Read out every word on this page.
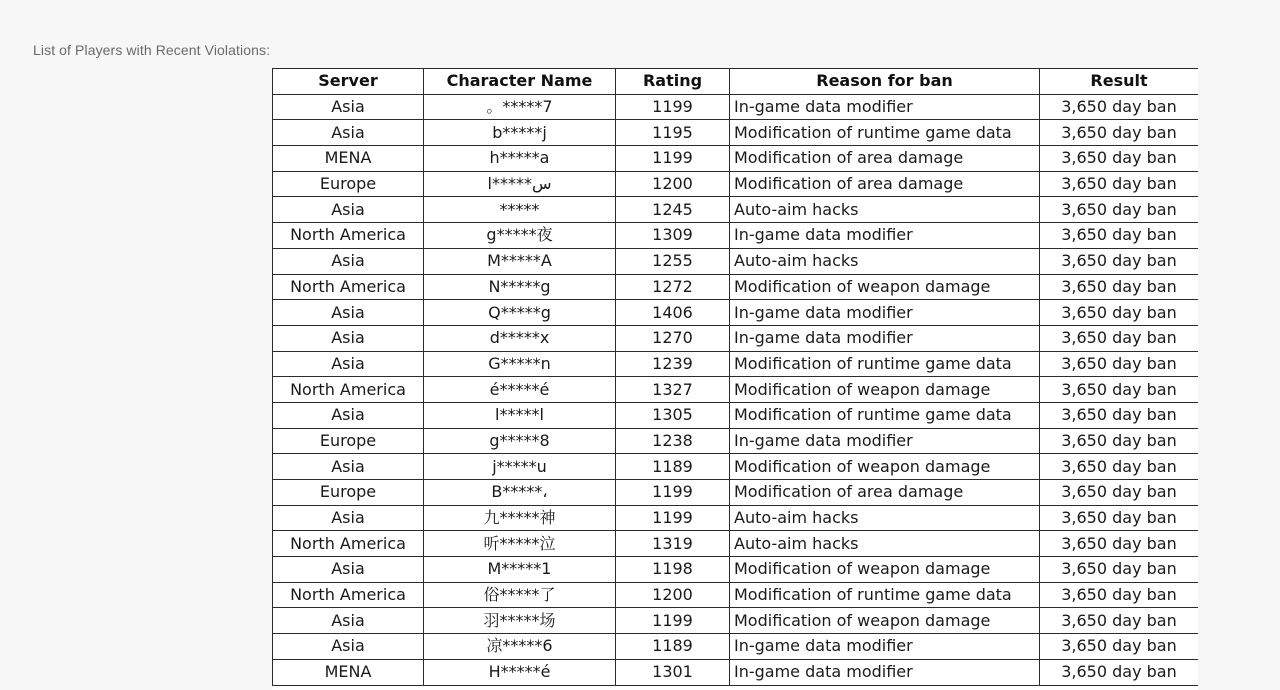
List of Players with Recent Violations:
Server	Character Name	Rating	Reason for ban	Result
Asia	。*****7	1199	In-game data modifier	3,650 day ban
Asia	b*****j	1195	Modification of runtime game data	3,650 day ban
MENA	h*****a	1199	Modification of area damage	3,650 day ban
Europe	l*****س	1200	Modification of area damage	3,650 day ban
Asia	*****	1245	Auto-aim hacks	3,650 day ban
North America	g*****夜	1309	In-game data modifier	3,650 day ban
Asia	M*****A	1255	Auto-aim hacks	3,650 day ban
North America	N*****g	1272	Modification of weapon damage	3,650 day ban
Asia	Q*****g	1406	In-game data modifier	3,650 day ban
Asia	d*****x	1270	In-game data modifier	3,650 day ban
Asia	G*****n	1239	Modification of runtime game data	3,650 day ban
North America	é*****é	1327	Modification of weapon damage	3,650 day ban
Asia	l*****l	1305	Modification of runtime game data	3,650 day ban
Europe	g*****8	1238	In-game data modifier	3,650 day ban
Asia	j*****u	1189	Modification of weapon damage	3,650 day ban
Europe	B*****،	1199	Modification of area damage	3,650 day ban
Asia	九*****神	1199	Auto-aim hacks	3,650 day ban
North America	听*****泣	1319	Auto-aim hacks	3,650 day ban
Asia	M*****1	1198	Modification of weapon damage	3,650 day ban
North America	俗*****了	1200	Modification of runtime game data	3,650 day ban
Asia	羽*****场	1199	Modification of weapon damage	3,650 day ban
Asia	凉*****6	1189	In-game data modifier	3,650 day ban
MENA	H*****é	1301	In-game data modifier	3,650 day ban
